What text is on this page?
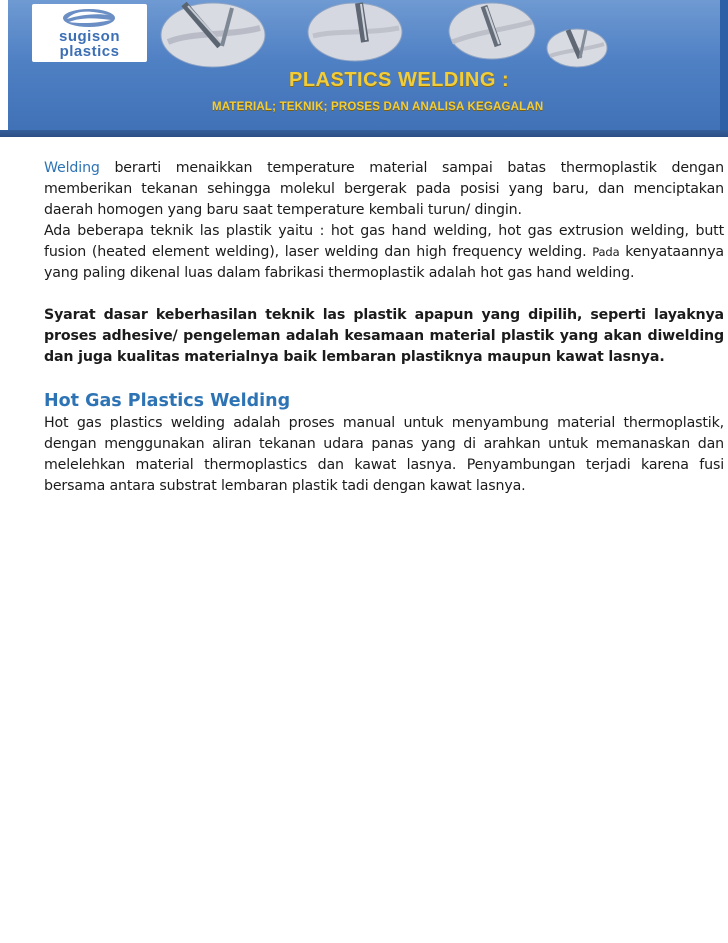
sugison
plastics
PLASTICS WELDING :
MATERIAL; TEKNIK; PROSES DAN ANALISA KEGAGALAN

Welding berarti menaikkan temperature material sampai batas thermoplastik dengan memberikan tekanan sehingga molekul bergerak pada posisi yang baru, dan menciptakan daerah homogen yang baru saat temperature kembali turun/ dingin.

Ada beberapa teknik las plastik yaitu : hot gas hand welding, hot gas extrusion welding, butt fusion (heated element welding), laser welding dan high frequency welding. Pada kenyataannya yang paling dikenal luas dalam fabrikasi thermoplastik adalah hot gas hand welding.

Syarat dasar keberhasilan teknik las plastik apapun yang dipilih, seperti layaknya proses adhesive/ pengeleman adalah kesamaan material plastik yang akan diwelding dan juga kualitas materialnya baik lembaran plastiknya maupun kawat lasnya.

Hot Gas Plastics Welding

Hot gas plastics welding adalah proses manual untuk menyambung material thermoplastik, dengan menggunakan aliran tekanan udara panas yang di arahkan untuk memanaskan dan melelehkan material thermoplastics dan kawat lasnya. Penyambungan terjadi karena fusi bersama antara substrat lembaran plastik tadi dengan kawat lasnya.
